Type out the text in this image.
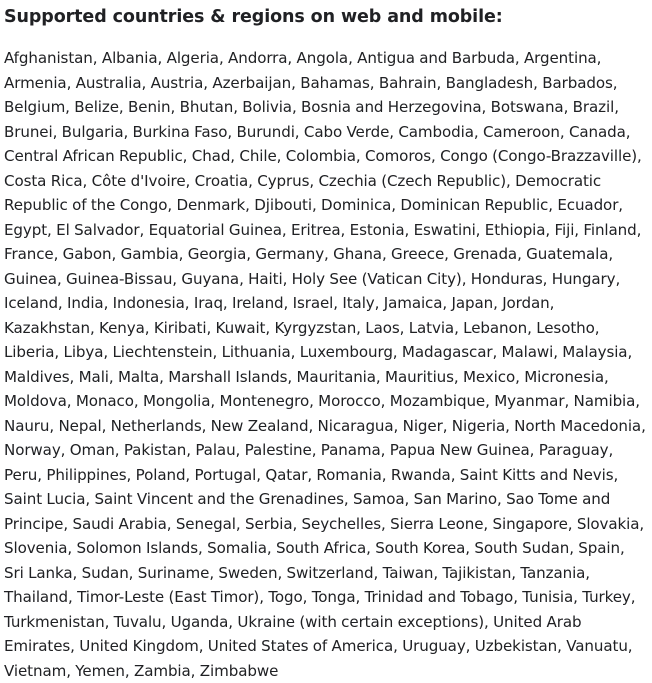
Supported countries & regions on web and mobile:

Afghanistan, Albania, Algeria, Andorra, Angola, Antigua and Barbuda, Argentina, Armenia, Australia, Austria, Azerbaijan, Bahamas, Bahrain, Bangladesh, Barbados, Belgium, Belize, Benin, Bhutan, Bolivia, Bosnia and Herzegovina, Botswana, Brazil, Brunei, Bulgaria, Burkina Faso, Burundi, Cabo Verde, Cambodia, Cameroon, Canada, Central African Republic, Chad, Chile, Colombia, Comoros, Congo (Congo-Brazzaville), Costa Rica, Côte d'Ivoire, Croatia, Cyprus, Czechia (Czech Republic), Democratic Republic of the Congo, Denmark, Djibouti, Dominica, Dominican Republic, Ecuador, Egypt, El Salvador, Equatorial Guinea, Eritrea, Estonia, Eswatini, Ethiopia, Fiji, Finland, France, Gabon, Gambia, Georgia, Germany, Ghana, Greece, Grenada, Guatemala, Guinea, Guinea-Bissau, Guyana, Haiti, Holy See (Vatican City), Honduras, Hungary, Iceland, India, Indonesia, Iraq, Ireland, Israel, Italy, Jamaica, Japan, Jordan, Kazakhstan, Kenya, Kiribati, Kuwait, Kyrgyzstan, Laos, Latvia, Lebanon, Lesotho, Liberia, Libya, Liechtenstein, Lithuania, Luxembourg, Madagascar, Malawi, Malaysia, Maldives, Mali, Malta, Marshall Islands, Mauritania, Mauritius, Mexico, Micronesia, Moldova, Monaco, Mongolia, Montenegro, Morocco, Mozambique, Myanmar, Namibia, Nauru, Nepal, Netherlands, New Zealand, Nicaragua, Niger, Nigeria, North Macedonia, Norway, Oman, Pakistan, Palau, Palestine, Panama, Papua New Guinea, Paraguay, Peru, Philippines, Poland, Portugal, Qatar, Romania, Rwanda, Saint Kitts and Nevis, Saint Lucia, Saint Vincent and the Grenadines, Samoa, San Marino, Sao Tome and Principe, Saudi Arabia, Senegal, Serbia, Seychelles, Sierra Leone, Singapore, Slovakia, Slovenia, Solomon Islands, Somalia, South Africa, South Korea, South Sudan, Spain, Sri Lanka, Sudan, Suriname, Sweden, Switzerland, Taiwan, Tajikistan, Tanzania, Thailand, Timor-Leste (East Timor), Togo, Tonga, Trinidad and Tobago, Tunisia, Turkey, Turkmenistan, Tuvalu, Uganda, Ukraine (with certain exceptions), United Arab Emirates, United Kingdom, United States of America, Uruguay, Uzbekistan, Vanuatu, Vietnam, Yemen, Zambia, Zimbabwe
